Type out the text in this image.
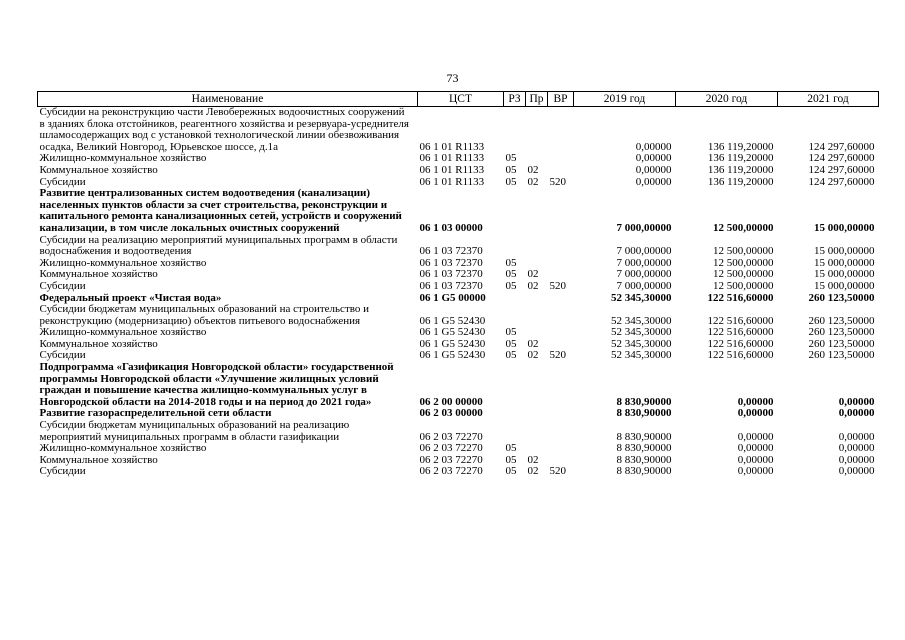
73
Наименование	ЦСТ	РЗ	Пр	ВР	2019 год	2020 год	2021 год
Субсидии на реконструкцию части Левобережных водоочистных сооружений в зданиях блока отстойников, реагентного хозяйства и резервуара-усреднителя шламосодержащих вод с установкой технологической линии обезвоживания осадка, Великий Новгород, Юрьевское шоссе, д.1а	06 1 01 R1133				0,00000	136 119,20000	124 297,60000
Жилищно-коммунальное хозяйство	06 1 01 R1133	05			0,00000	136 119,20000	124 297,60000
Коммунальное хозяйство	06 1 01 R1133	05	02		0,00000	136 119,20000	124 297,60000
Субсидии	06 1 01 R1133	05	02	520	0,00000	136 119,20000	124 297,60000
Развитие централизованных систем водоотведения (канализации) населенных пунктов области за счет строительства, реконструкции и капитального ремонта канализационных сетей, устройств и сооружений канализации, в том числе локальных очистных сооружений	06 1 03 00000				7 000,00000	12 500,00000	15 000,00000
Субсидии на реализацию мероприятий муниципальных программ в области водоснабжения и водоотведения	06 1 03 72370				7 000,00000	12 500,00000	15 000,00000
Жилищно-коммунальное хозяйство	06 1 03 72370	05			7 000,00000	12 500,00000	15 000,00000
Коммунальное хозяйство	06 1 03 72370	05	02		7 000,00000	12 500,00000	15 000,00000
Субсидии	06 1 03 72370	05	02	520	7 000,00000	12 500,00000	15 000,00000
Федеральный проект «Чистая вода»	06 1 G5 00000				52 345,30000	122 516,60000	260 123,50000
Субсидии бюджетам муниципальных образований на строительство и реконструкцию (модернизацию) объектов питьевого водоснабжения	06 1 G5 52430				52 345,30000	122 516,60000	260 123,50000
Жилищно-коммунальное хозяйство	06 1 G5 52430	05			52 345,30000	122 516,60000	260 123,50000
Коммунальное хозяйство	06 1 G5 52430	05	02		52 345,30000	122 516,60000	260 123,50000
Субсидии	06 1 G5 52430	05	02	520	52 345,30000	122 516,60000	260 123,50000
Подпрограмма «Газификация Новгородской области» государственной программы Новгородской области «Улучшение жилищных условий граждан и повышение качества жилищно-коммунальных услуг в Новгородской области на 2014-2018 годы и на период до 2021 года»	06 2 00 00000				8 830,90000	0,00000	0,00000
Развитие газораспределительной сети области	06 2 03 00000				8 830,90000	0,00000	0,00000
Субсидии бюджетам муниципальных образований на реализацию мероприятий муниципальных программ в области газификации	06 2 03 72270				8 830,90000	0,00000	0,00000
Жилищно-коммунальное хозяйство	06 2 03 72270	05			8 830,90000	0,00000	0,00000
Коммунальное хозяйство	06 2 03 72270	05	02		8 830,90000	0,00000	0,00000
Субсидии	06 2 03 72270	05	02	520	8 830,90000	0,00000	0,00000
